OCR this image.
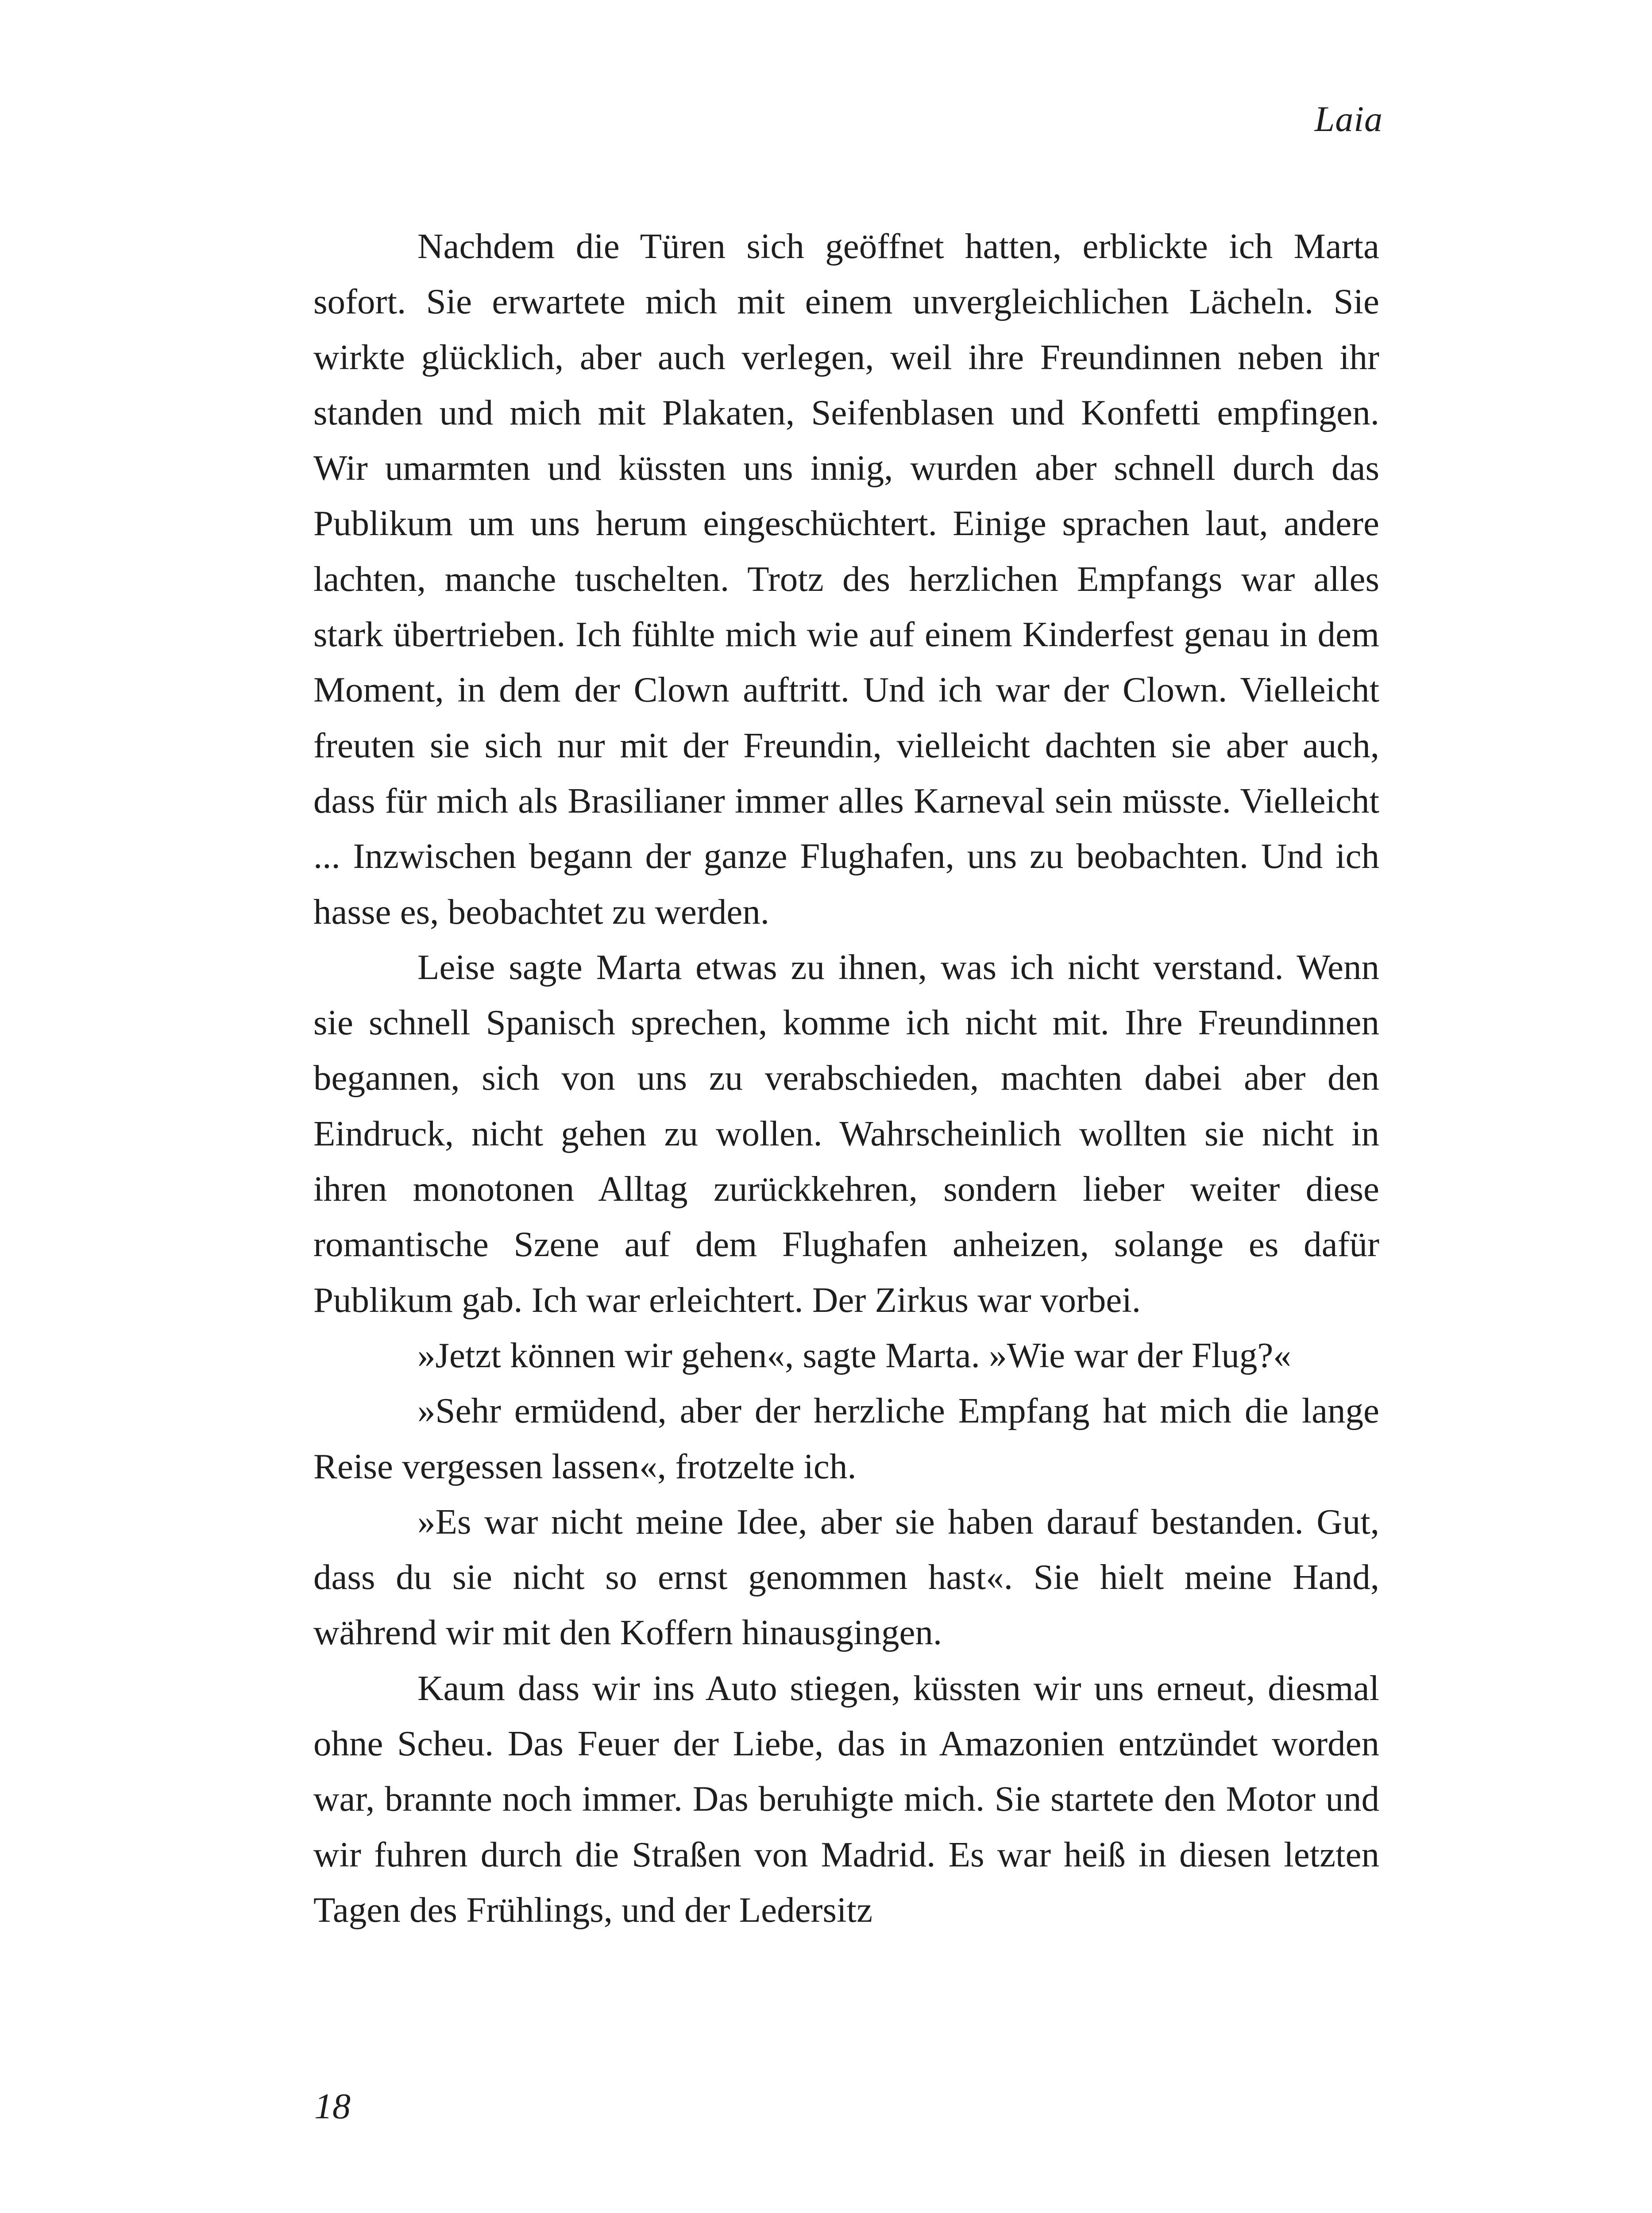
Laia

Nachdem die Türen sich geöffnet hatten, erblickte ich Marta sofort. Sie erwartete mich mit einem unvergleichlichen Lächeln. Sie wirkte glücklich, aber auch verlegen, weil ihre Freundinnen neben ihr standen und mich mit Plakaten, Seifenblasen und Konfetti empfingen. Wir umarmten und küssten uns innig, wurden aber schnell durch das Publikum um uns herum eingeschüchtert. Einige sprachen laut, andere lachten, manche tuschelten. Trotz des herzlichen Empfangs war alles stark übertrieben. Ich fühlte mich wie auf einem Kinderfest genau in dem Moment, in dem der Clown auftritt. Und ich war der Clown. Vielleicht freuten sie sich nur mit der Freundin, vielleicht dachten sie aber auch, dass für mich als Brasilianer immer alles Karneval sein müsste. Vielleicht ... Inzwischen begann der ganze Flughafen, uns zu beobachten. Und ich hasse es, beobachtet zu werden.

Leise sagte Marta etwas zu ihnen, was ich nicht verstand. Wenn sie schnell Spanisch sprechen, komme ich nicht mit. Ihre Freundinnen begannen, sich von uns zu verabschieden, machten dabei aber den Eindruck, nicht gehen zu wollen. Wahrscheinlich wollten sie nicht in ihren monotonen Alltag zurückkehren, sondern lieber weiter diese romantische Szene auf dem Flughafen anheizen, solange es dafür Publikum gab. Ich war erleichtert. Der Zirkus war vorbei.

»Jetzt können wir gehen«, sagte Marta. »Wie war der Flug?«

»Sehr ermüdend, aber der herzliche Empfang hat mich die lange Reise vergessen lassen«, frotzelte ich.

»Es war nicht meine Idee, aber sie haben darauf bestanden. Gut, dass du sie nicht so ernst genommen hast«. Sie hielt meine Hand, während wir mit den Koffern hinausgingen.

Kaum dass wir ins Auto stiegen, küssten wir uns erneut, diesmal ohne Scheu. Das Feuer der Liebe, das in Amazonien entzündet worden war, brannte noch immer. Das beruhigte mich. Sie startete den Motor und wir fuhren durch die Straßen von Madrid. Es war heiß in diesen letzten Tagen des Frühlings, und der Ledersitz

18
